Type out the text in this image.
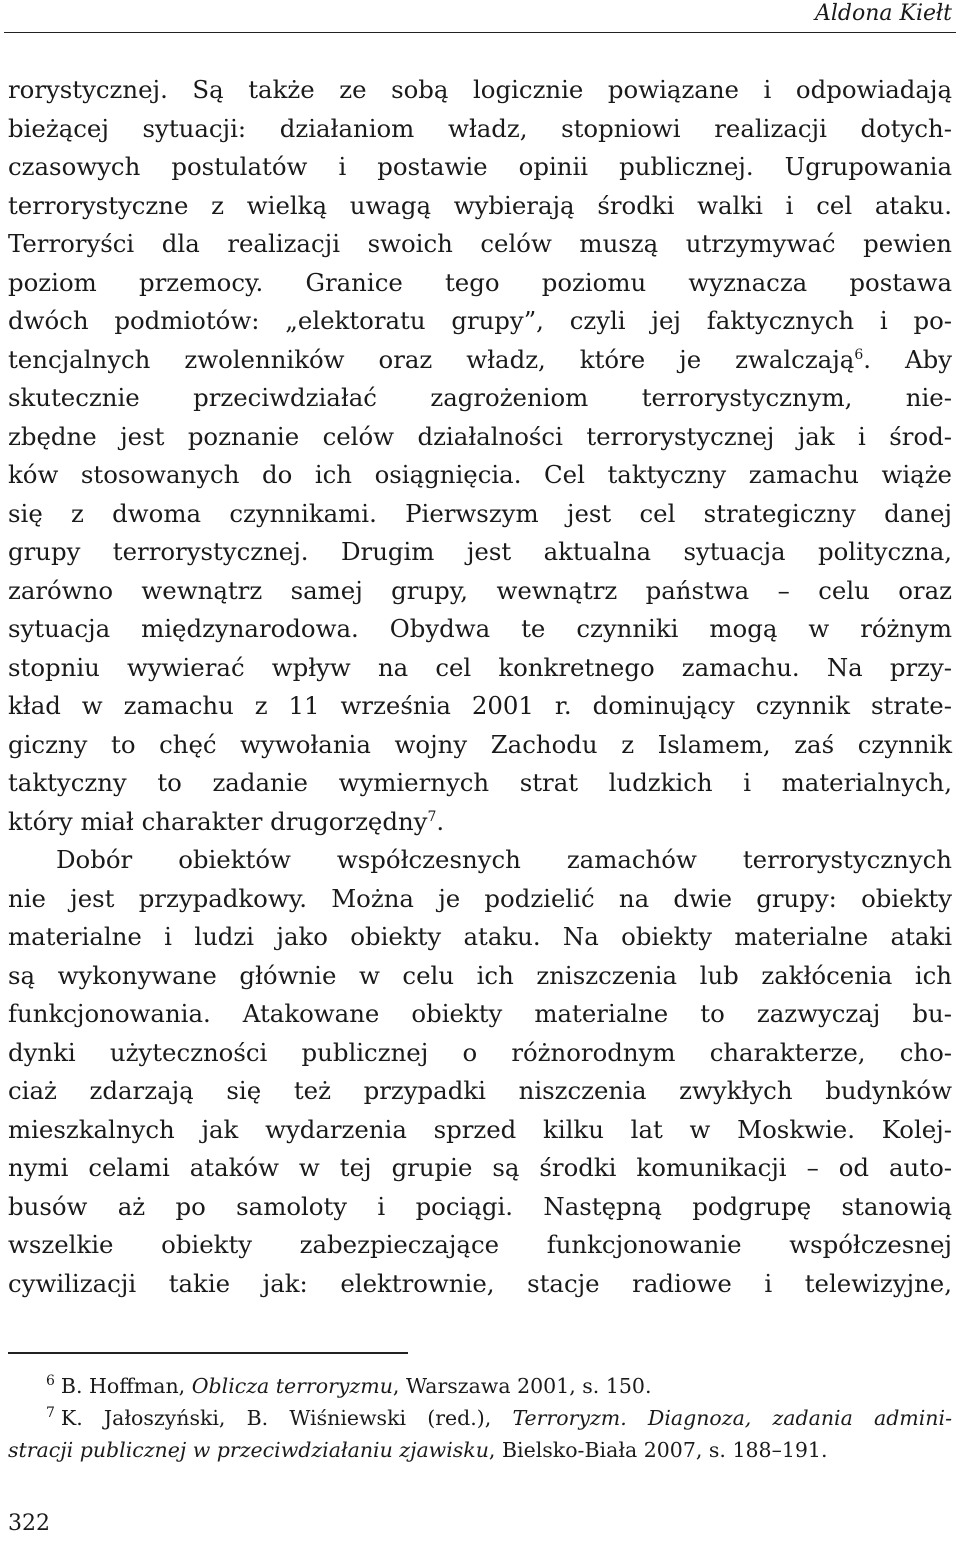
Aldona Kiełt
rorystycznej. Są także ze sobą logicznie powiązane i odpowiadają
bieżącej sytuacji: działaniom władz, stopniowi realizacji dotych-
czasowych postulatów i postawie opinii publicznej. Ugrupowania
terrorystyczne z wielką uwagą wybierają środki walki i cel ataku.
Terroryści dla realizacji swoich celów muszą utrzymywać pewien
poziom przemocy. Granice tego poziomu wyznacza postawa
dwóch podmiotów: „elektoratu grupy”, czyli jej faktycznych i po-
tencjalnych zwolenników oraz władz, które je zwalczają$^6$. Aby
skutecznie przeciwdziałać zagrożeniom terrorystycznym, nie-
zbędne jest poznanie celów działalności terrorystycznej jak i środ-
ków stosowanych do ich osiągnięcia. Cel taktyczny zamachu wiąże
się z dwoma czynnikami. Pierwszym jest cel strategiczny danej
grupy terrorystycznej. Drugim jest aktualna sytuacja polityczna,
zarówno wewnątrz samej grupy, wewnątrz państwa – celu oraz
sytuacja międzynarodowa. Obydwa te czynniki mogą w różnym
stopniu wywierać wpływ na cel konkretnego zamachu. Na przy-
kład w zamachu z 11 września 2001 r. dominujący czynnik strate-
giczny to chęć wywołania wojny Zachodu z Islamem, zaś czynnik
taktyczny to zadanie wymiernych strat ludzkich i materialnych,
który miał charakter drugorzędny$^7$.
Dobór obiektów współczesnych zamachów terrorystycznych
nie jest przypadkowy. Można je podzielić na dwie grupy: obiekty
materialne i ludzi jako obiekty ataku. Na obiekty materialne ataki
są wykonywane głównie w celu ich zniszczenia lub zakłócenia ich
funkcjonowania. Atakowane obiekty materialne to zazwyczaj bu-
dynki użyteczności publicznej o różnorodnym charakterze, cho-
ciaż zdarzają się też przypadki niszczenia zwykłych budynków
mieszkalnych jak wydarzenia sprzed kilku lat w Moskwie. Kolej-
nymi celami ataków w tej grupie są środki komunikacji – od auto-
busów aż po samoloty i pociągi. Następną podgrupę stanowią
wszelkie obiekty zabezpieczające funkcjonowanie współczesnej
cywilizacji takie jak: elektrownie, stacje radiowe i telewizyjne,
$^6$ B. Hoffman, Oblicza terroryzmu, Warszawa 2001, s. 150.
$^7$ K. Jałoszyński, B. Wiśniewski (red.), Terroryzm. Diagnoza, zadania admini-
stracji publicznej w przeciwdziałaniu zjawisku, Bielsko-Biała 2007, s. 188–191.
322
